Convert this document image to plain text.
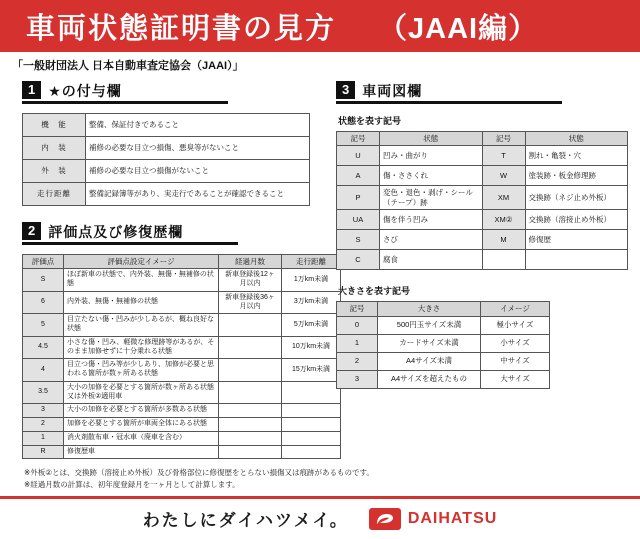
車両状態証明書の見方 （JAAI編）
「一般財団法人 日本自動車査定協会（JAAI）」
1 ★の付与欄
機　能	整備、保証付きであること
内　装	補修の必要な目立つ損傷、悪臭等がないこと
外　装	補修の必要な目立つ損傷がないこと
走行距離	整備記録簿等があり、実走行であることが確認できること
2 評価点及び修復歴欄
評価点	評価点設定イメージ	経過月数	走行距離
S	ほぼ新車の状態で、内外装、無傷・無補修の状態	新車登録後12ヶ月以内	1万km未満
6	内外装、無傷・無補修の状態	新車登録後36ヶ月以内	3万km未満
5	目立たない傷・凹みが少しあるが、概ね良好な状態		5万km未満
4.5	小さな傷・凹み、軽微な修理跡等があるが、そのまま加修せずに十分乗れる状態		10万km未満
4	目立つ傷・凹み等が少しあり、加修が必要と思われる箇所が数ヶ所ある状態		15万km未満
3.5	大小の加修を必要とする箇所が数ヶ所ある状態又は外板②適用車		
3	大小の加修を必要とする箇所が多数ある状態		
2	加修を必要とする箇所が車両全体にある状態		
1	消火剤散布車・冠水車（廃車を含む）		
R	修復歴車		
3 車両図欄
状態を表す記号
記号	状態	記号	状態
U	凹み・曲がり	T	割れ・亀裂・穴
A	傷・ささくれ	W	塗装跡・板金修理跡
P	変色・退色・剥げ・シール（テープ）跡	XM	交換跡（ネジ止め外板）
UA	傷を伴う凹み	XM②	交換跡（溶接止め外板）
S	さび	M	修復歴
C	腐食		
大きさを表す記号
記号	大きさ	イメージ
0	500円玉サイズ未満	極小サイズ
1	カードサイズ未満	小サイズ
2	A4サイズ未満	中サイズ
3	A4サイズを超えたもの	大サイズ
※外板②とは、交換跡（溶接止め外板）及び骨格部位に修復歴をとらない損傷又は痕跡があるものです。
※経過月数の計算は、初年度登録月を一ヶ月として計算します。
わたしにダイハツメイ。	DAIHATSU
